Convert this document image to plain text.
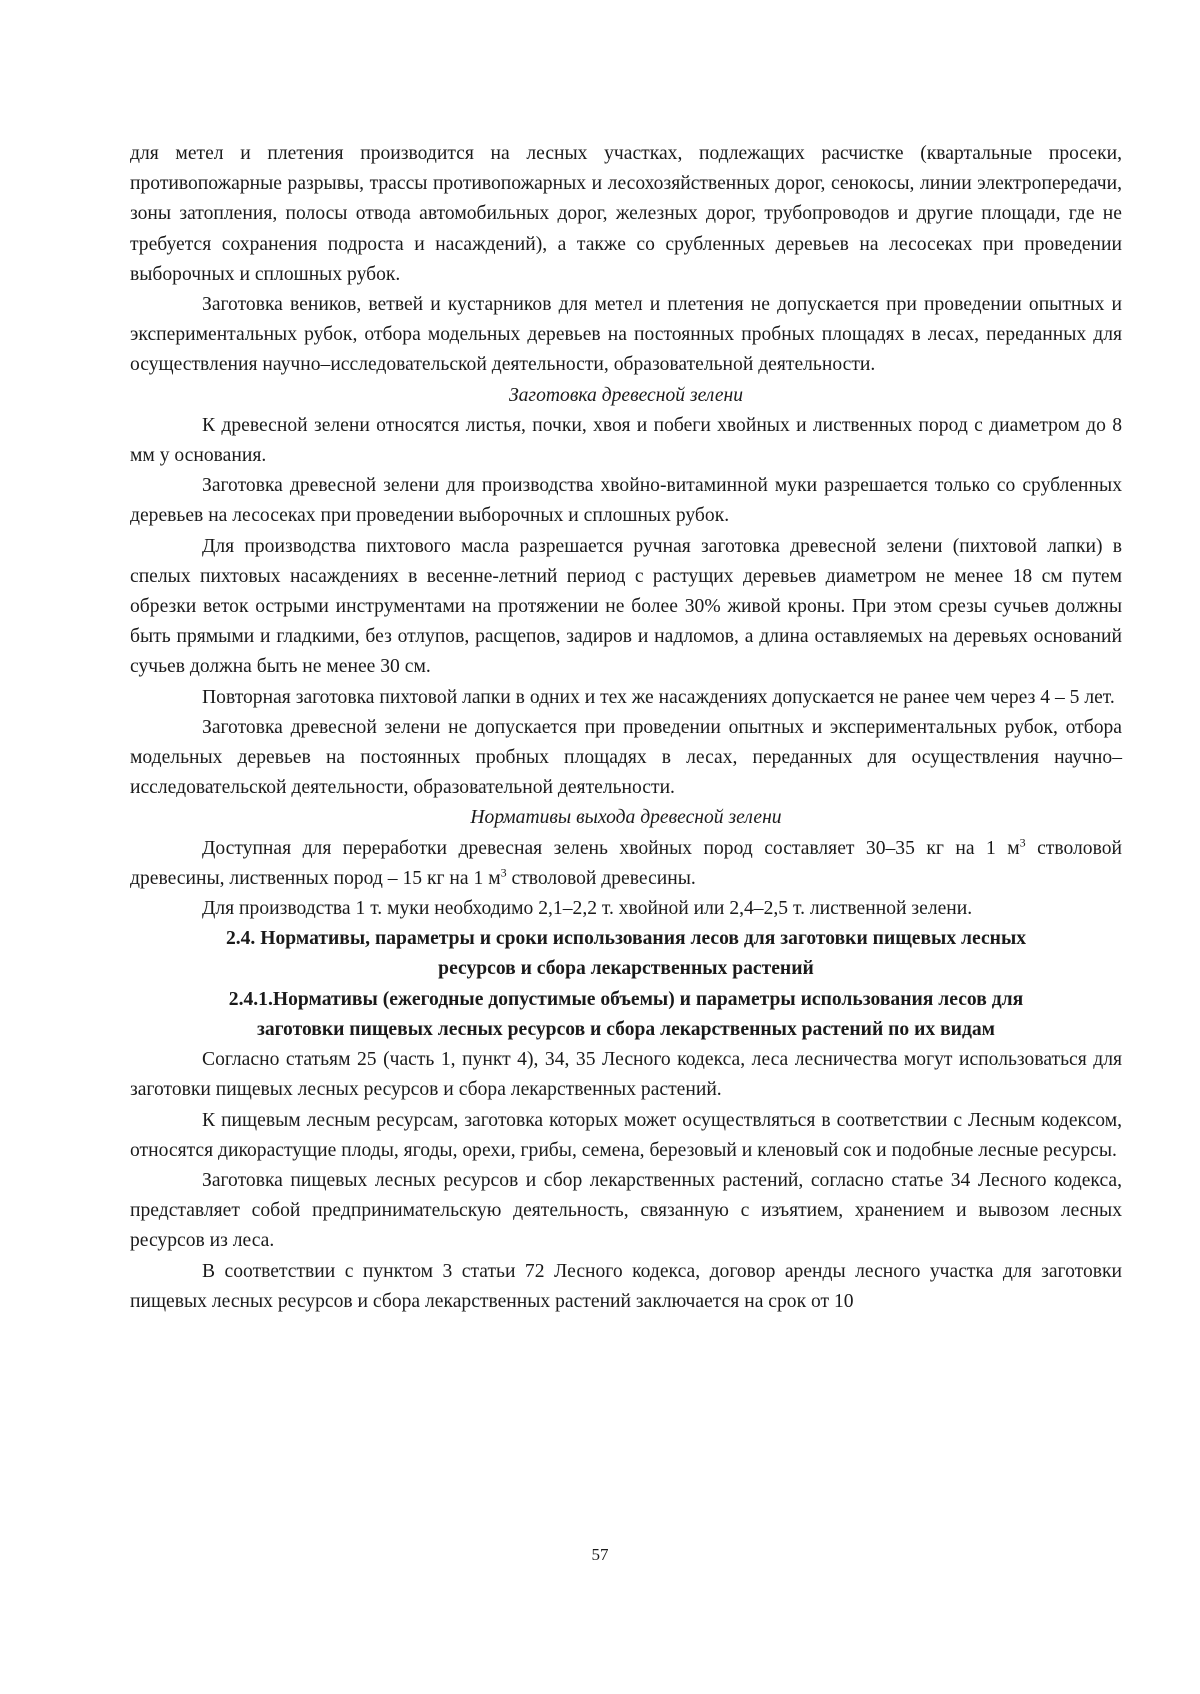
для метел и плетения производится на лесных участках, подлежащих расчистке (квартальные просеки, противопожарные разрывы, трассы противопожарных и лесохозяйственных дорог, сенокосы, линии электропередачи, зоны затопления, полосы отвода автомобильных дорог, железных дорог, трубопроводов и другие площади, где не требуется сохранения подроста и насаждений), а также со срубленных деревьев на лесосеках при проведении выборочных и сплошных рубок.

Заготовка веников, ветвей и кустарников для метел и плетения не допускается при проведении опытных и экспериментальных рубок, отбора модельных деревьев на постоянных пробных площадях в лесах, переданных для осуществления научно–исследовательской деятельности, образовательной деятельности.

Заготовка древесной зелени

К древесной зелени относятся листья, почки, хвоя и побеги хвойных и лиственных пород с диаметром до 8 мм у основания.

Заготовка древесной зелени для производства хвойно-витаминной муки разрешается только со срубленных деревьев на лесосеках при проведении выборочных и сплошных рубок.

Для производства пихтового масла разрешается ручная заготовка древесной зелени (пихтовой лапки) в спелых пихтовых насаждениях в весенне-летний период с растущих деревьев диаметром не менее 18 см путем обрезки веток острыми инструментами на протяжении не более 30% живой кроны. При этом срезы сучьев должны быть прямыми и гладкими, без отлупов, расщепов, задиров и надломов, а длина оставляемых на деревьях оснований сучьев должна быть не менее 30 см.

Повторная заготовка пихтовой лапки в одних и тех же насаждениях допускается не ранее чем через 4 – 5 лет.

Заготовка древесной зелени не допускается при проведении опытных и экспериментальных рубок, отбора модельных деревьев на постоянных пробных площадях в лесах, переданных для осуществления научно–исследовательской деятельности, образовательной деятельности.

Нормативы выхода древесной зелени

Доступная для переработки древесная зелень хвойных пород составляет 30–35 кг на 1 $м^3$ стволовой древесины, лиственных пород – 15 кг на 1 $м^3$ стволовой древесины.

Для производства 1 т. муки необходимо 2,1–2,2 т. хвойной или 2,4–2,5 т. лиственной зелени.

2.4. Нормативы, параметры и сроки использования лесов для заготовки пищевых лесных
ресурсов и сбора лекарственных растений
2.4.1.Нормативы (ежегодные допустимые объемы) и параметры использования лесов для
заготовки пищевых лесных ресурсов и сбора лекарственных растений по их видам

Согласно статьям 25 (часть 1, пункт 4), 34, 35 Лесного кодекса, леса лесничества могут использоваться для заготовки пищевых лесных ресурсов и сбора лекарственных растений.

К пищевым лесным ресурсам, заготовка которых может осуществляться в соответствии с Лесным кодексом, относятся дикорастущие плоды, ягоды, орехи, грибы, семена, березовый и кленовый сок и подобные лесные ресурсы.

Заготовка пищевых лесных ресурсов и сбор лекарственных растений, согласно статье 34 Лесного кодекса, представляет собой предпринимательскую деятельность, связанную с изъятием, хранением и вывозом лесных ресурсов из леса.

В соответствии с пунктом 3 статьи 72 Лесного кодекса, договор аренды лесного участка для заготовки пищевых лесных ресурсов и сбора лекарственных растений заключается на срок от 10

57
